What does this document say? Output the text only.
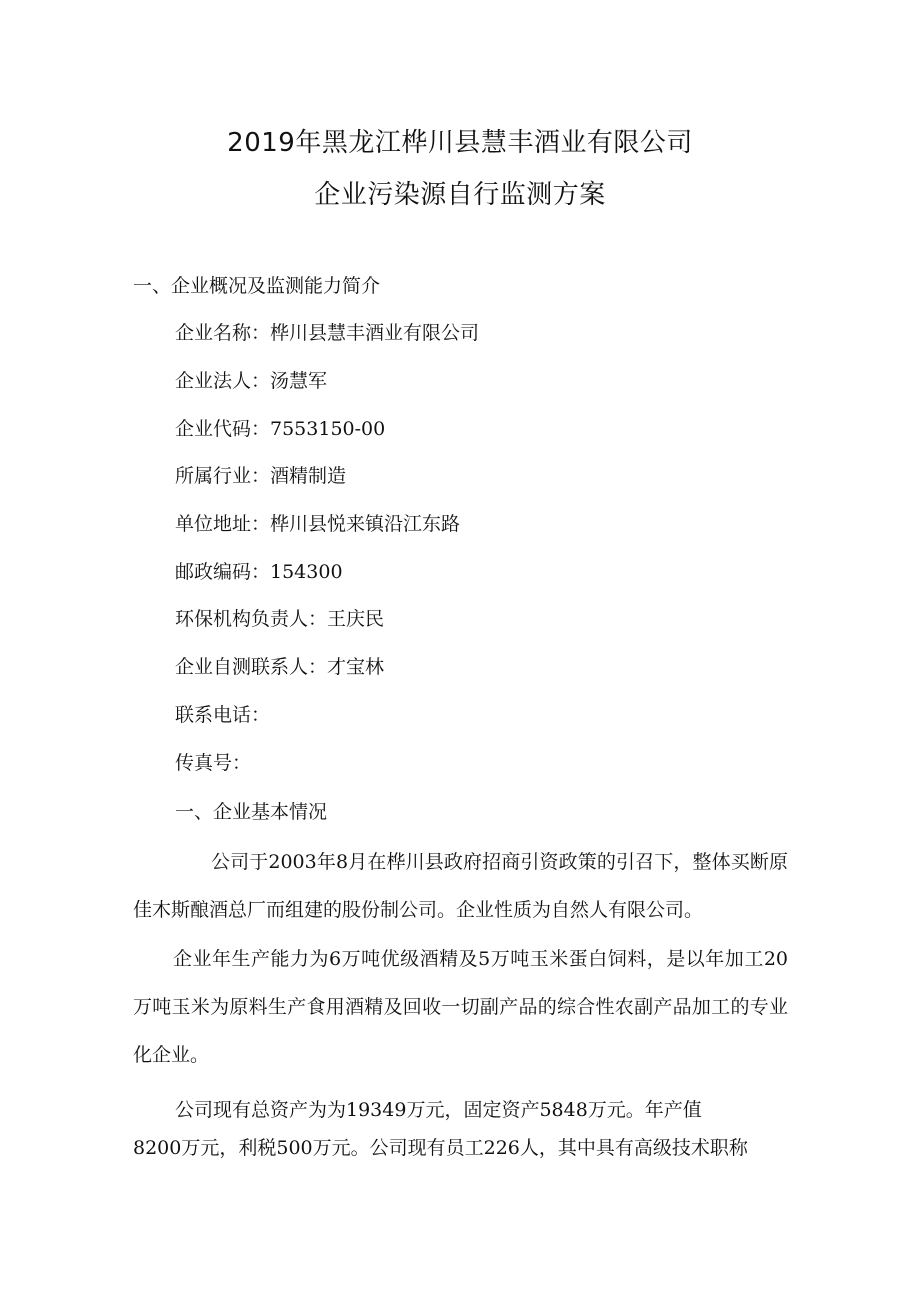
2019年黑龙江桦川县慧丰酒业有限公司
企业污染源自行监测方案
一、企业概况及监测能力简介
企业名称：桦川县慧丰酒业有限公司
企业法人：汤慧军
企业代码：7553150-00
所属行业：酒精制造
单位地址：桦川县悦来镇沿江东路
邮政编码：154300
环保机构负责人：王庆民
企业自测联系人：才宝林
联系电话：
传真号：
一、企业基本情况
公司于2003年8月在桦川县政府招商引资政策的引召下，整体买断原佳木斯酿酒总厂而组建的股份制公司。企业性质为自然人有限公司。
企业年生产能力为6万吨优级酒精及5万吨玉米蛋白饲料，是以年加工20万吨玉米为原料生产食用酒精及回收一切副产品的综合性农副产品加工的专业化企业。
公司现有总资产为为19349万元，固定资产5848万元。年产值
8200万元，利税500万元。公司现有员工226人，其中具有高级技术职称
